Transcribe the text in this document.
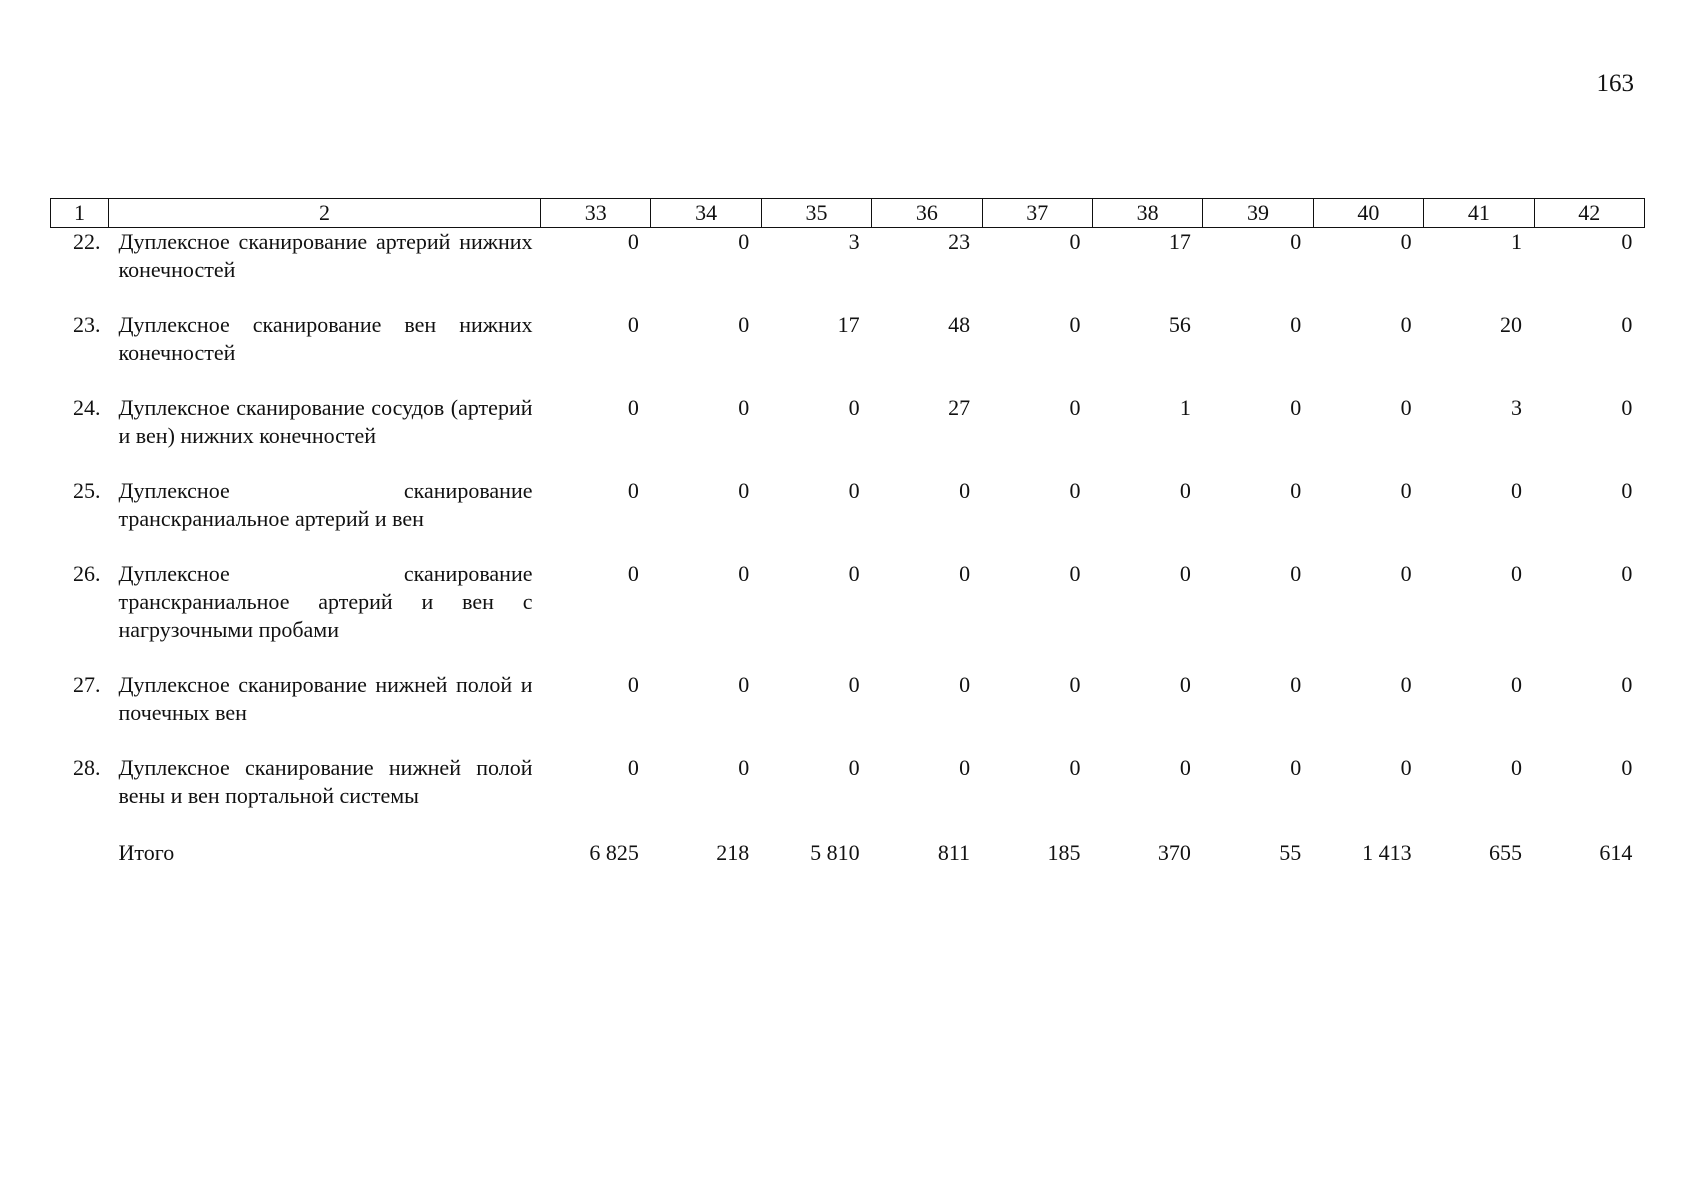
163
1	2	33	34	35	36	37	38	39	40	41	42
22.	Дуплексное сканирование артерий нижних конечностей	0	0	3	23	0	17	0	0	1	0
23.	Дуплексное сканирование вен нижних конечностей	0	0	17	48	0	56	0	0	20	0
24.	Дуплексное сканирование сосудов (артерий и вен) нижних конечностей	0	0	0	27	0	1	0	0	3	0
25.	Дуплексное сканирование транскраниальное артерий и вен	0	0	0	0	0	0	0	0	0	0
26.	Дуплексное сканирование транскраниальное артерий и вен с нагрузочными пробами	0	0	0	0	0	0	0	0	0	0
27.	Дуплексное сканирование нижней полой и почечных вен	0	0	0	0	0	0	0	0	0	0
28.	Дуплексное сканирование нижней полой вены и вен портальной системы	0	0	0	0	0	0	0	0	0	0
	Итого	6 825	218	5 810	811	185	370	55	1 413	655	614
